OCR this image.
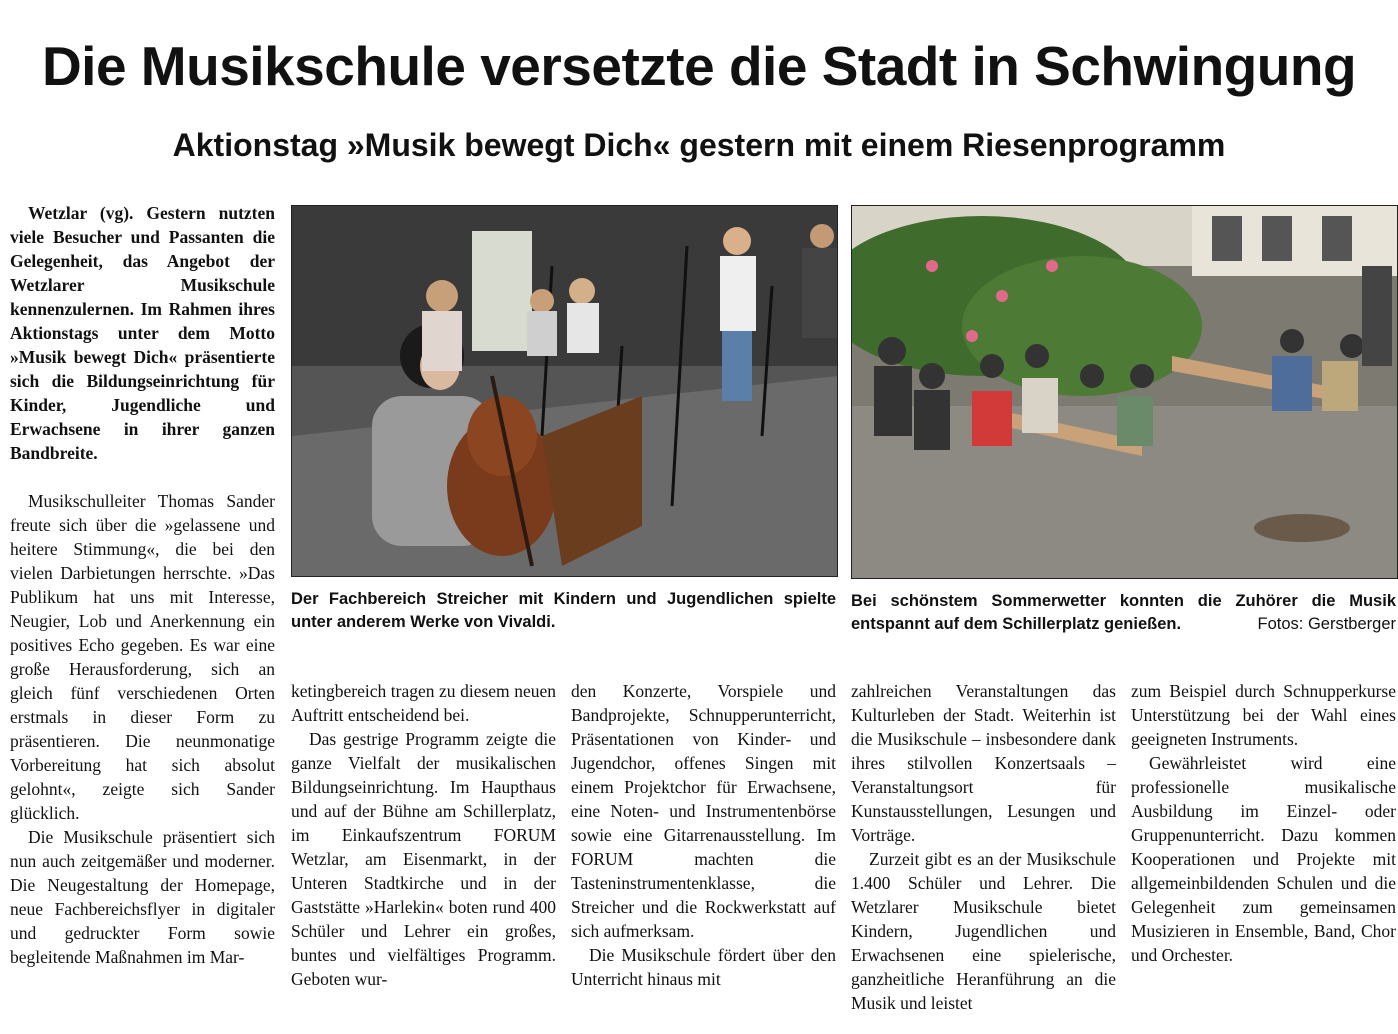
Die Musikschule versetzte die Stadt in Schwingung
Aktionstag »Musik bewegt Dich« gestern mit einem Riesenprogramm

Wetzlar (vg). Gestern nutzten viele Besucher und Passanten die Gelegenheit, das Angebot der Wetzlarer Musikschule kennenzulernen. Im Rahmen ihres Aktionstags unter dem Motto »Musik bewegt Dich« präsentierte sich die Bildungseinrichtung für Kinder, Jugendliche und Erwachsene in ihrer ganzen Bandbreite.

Musikschulleiter Thomas Sander freute sich über die »gelassene und heitere Stimmung«, die bei den vielen Darbietungen herrschte. »Das Publikum hat uns mit Interesse, Neugier, Lob und Anerkennung ein positives Echo gegeben. Es war eine große Herausforderung, sich an gleich fünf verschiedenen Orten erstmals in dieser Form zu präsentieren. Die neunmonatige Vorbereitung hat sich absolut gelohnt«, zeigte sich Sander glücklich.

Die Musikschule präsentiert sich nun auch zeitgemäßer und moderner. Die Neugestaltung der Homepage, neue Fachbereichsflyer in digitaler und gedruckter Form sowie begleitende Maßnahmen im Mar-

Der Fachbereich Streicher mit Kindern und Jugendlichen spielte unter anderem Werke von Vivaldi.
Bei schönstem Sommerwetter konnten die Zuhörer die Musik entspannt auf dem Schillerplatz genießen.	Fotos: Gerstberger

ketingbereich tragen zu diesem neuen Auftritt entscheidend bei.

Das gestrige Programm zeigte die ganze Vielfalt der musikalischen Bildungseinrichtung. Im Haupthaus und auf der Bühne am Schillerplatz, im Einkaufszentrum FORUM Wetzlar, am Eisenmarkt, in der Unteren Stadtkirche und in der Gaststätte »Harlekin« boten rund 400 Schüler und Lehrer ein großes, buntes und vielfältiges Programm. Geboten wur-

den Konzerte, Vorspiele und Bandprojekte, Schnupperunterricht, Präsentationen von Kinder- und Jugendchor, offenes Singen mit einem Projektchor für Erwachsene, eine Noten- und Instrumentenbörse sowie eine Gitarrenausstellung. Im FORUM machten die Tasteninstrumentenklasse, die Streicher und die Rockwerkstatt auf sich aufmerksam.

Die Musikschule fördert über den Unterricht hinaus mit

zahlreichen Veranstaltungen das Kulturleben der Stadt. Weiterhin ist die Musikschule – insbesondere dank ihres stilvollen Konzertsaals – Veranstaltungsort für Kunstausstellungen, Lesungen und Vorträge.

Zurzeit gibt es an der Musikschule 1.400 Schüler und Lehrer. Die Wetzlarer Musikschule bietet Kindern, Jugendlichen und Erwachsenen eine spielerische, ganzheitliche Heranführung an die Musik und leistet

zum Beispiel durch Schnupperkurse Unterstützung bei der Wahl eines geeigneten Instruments.

Gewährleistet wird eine professionelle musikalische Ausbildung im Einzel- oder Gruppenunterricht. Dazu kommen Kooperationen und Projekte mit allgemeinbildenden Schulen und die Gelegenheit zum gemeinsamen Musizieren in Ensemble, Band, Chor und Orchester.
